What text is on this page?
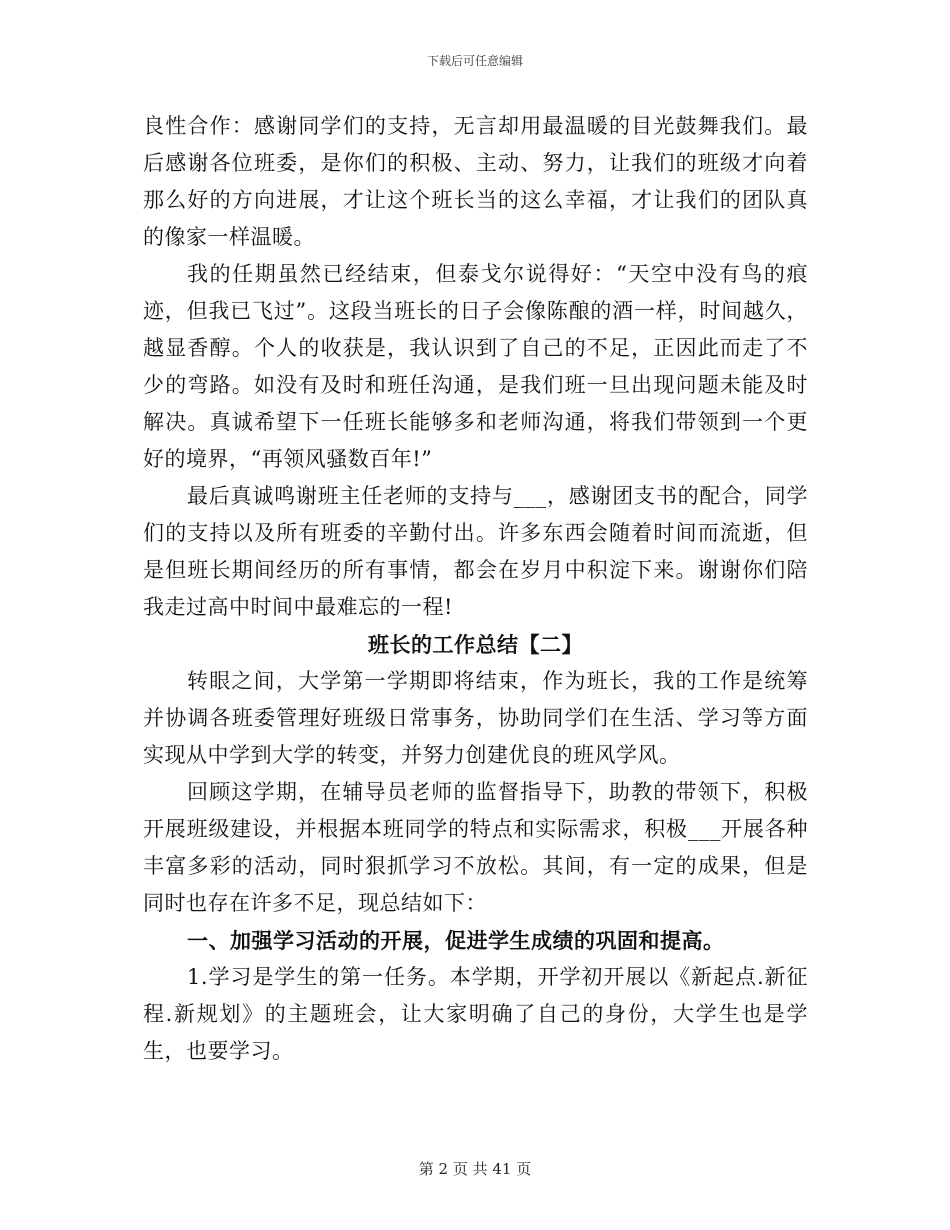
下载后可任意编辑

良性合作：感谢同学们的支持，无言却用最温暖的目光鼓舞我们。最后感谢各位班委，是你们的积极、主动、努力，让我们的班级才向着那么好的方向进展，才让这个班长当的这么幸福，才让我们的团队真的像家一样温暖。

我的任期虽然已经结束，但泰戈尔说得好：“天空中没有鸟的痕迹，但我已飞过”。这段当班长的日子会像陈酿的酒一样，时间越久，越显香醇。个人的收获是，我认识到了自己的不足，正因此而走了不少的弯路。如没有及时和班任沟通，是我们班一旦出现问题未能及时解决。真诚希望下一任班长能够多和老师沟通，将我们带领到一个更好的境界，“再领风骚数百年!”

最后真诚鸣谢班主任老师的支持与___，感谢团支书的配合，同学们的支持以及所有班委的辛勤付出。许多东西会随着时间而流逝，但是但班长期间经历的所有事情，都会在岁月中积淀下来。谢谢你们陪我走过高中时间中最难忘的一程!

班长的工作总结【二】

转眼之间，大学第一学期即将结束，作为班长，我的工作是统筹并协调各班委管理好班级日常事务，协助同学们在生活、学习等方面实现从中学到大学的转变，并努力创建优良的班风学风。

回顾这学期，在辅导员老师的监督指导下，助教的带领下，积极开展班级建设，并根据本班同学的特点和实际需求，积极___开展各种丰富多彩的活动，同时狠抓学习不放松。其间，有一定的成果，但是同时也存在许多不足，现总结如下：

一、加强学习活动的开展，促进学生成绩的巩固和提高。

1.学习是学生的第一任务。本学期，开学初开展以《新起点.新征程.新规划》的主题班会，让大家明确了自己的身份，大学生也是学生，也要学习。

第 2 页 共 41 页
